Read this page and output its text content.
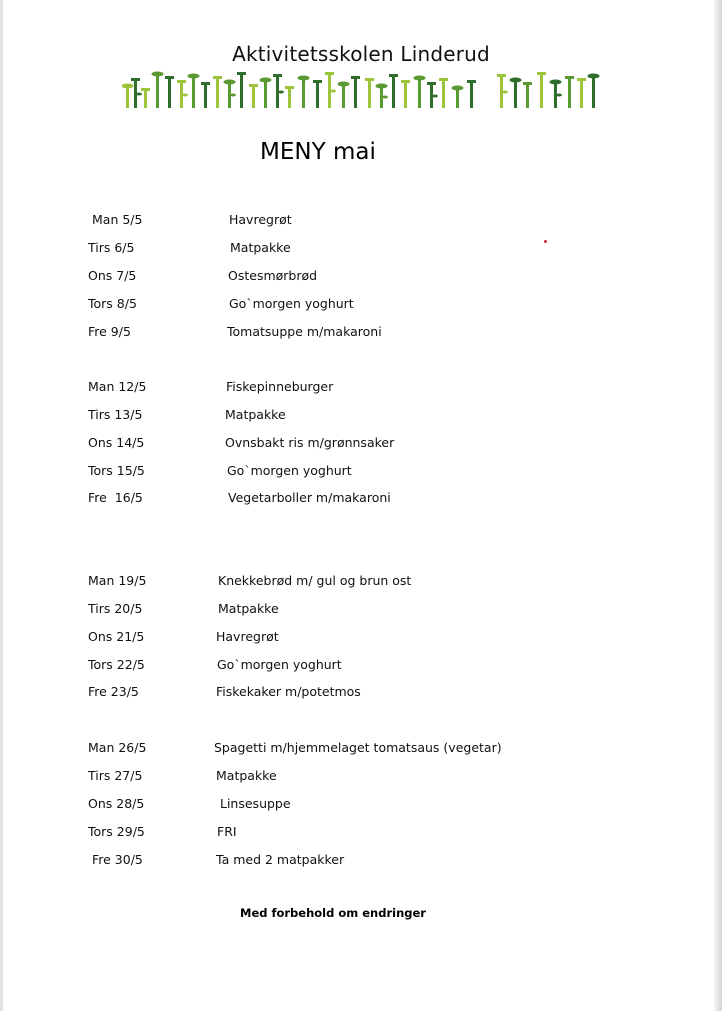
Aktivitetsskolen Linderud
MENY mai
Man 5/5	Havregrøt
Tirs 6/5	Matpakke
Ons 7/5	Ostesmørbrød
Tors 8/5	Go`morgen yoghurt
Fre 9/5	Tomatsuppe m/makaroni
Man 12/5	Fiskepinneburger
Tirs 13/5	Matpakke
Ons 14/5	Ovnsbakt ris m/grønnsaker
Tors 15/5	Go`morgen yoghurt
Fre  16/5	Vegetarboller m/makaroni
Man 19/5	Knekkebrød m/ gul og brun ost
Tirs 20/5	Matpakke
Ons 21/5	Havregrøt
Tors 22/5	Go`morgen yoghurt
Fre 23/5	Fiskekaker m/potetmos
Man 26/5	Spagetti m/hjemmelaget tomatsaus (vegetar)
Tirs 27/5	Matpakke
Ons 28/5	Linsesuppe
Tors 29/5	FRI
Fre 30/5	Ta med 2 matpakker
Med forbehold om endringer
